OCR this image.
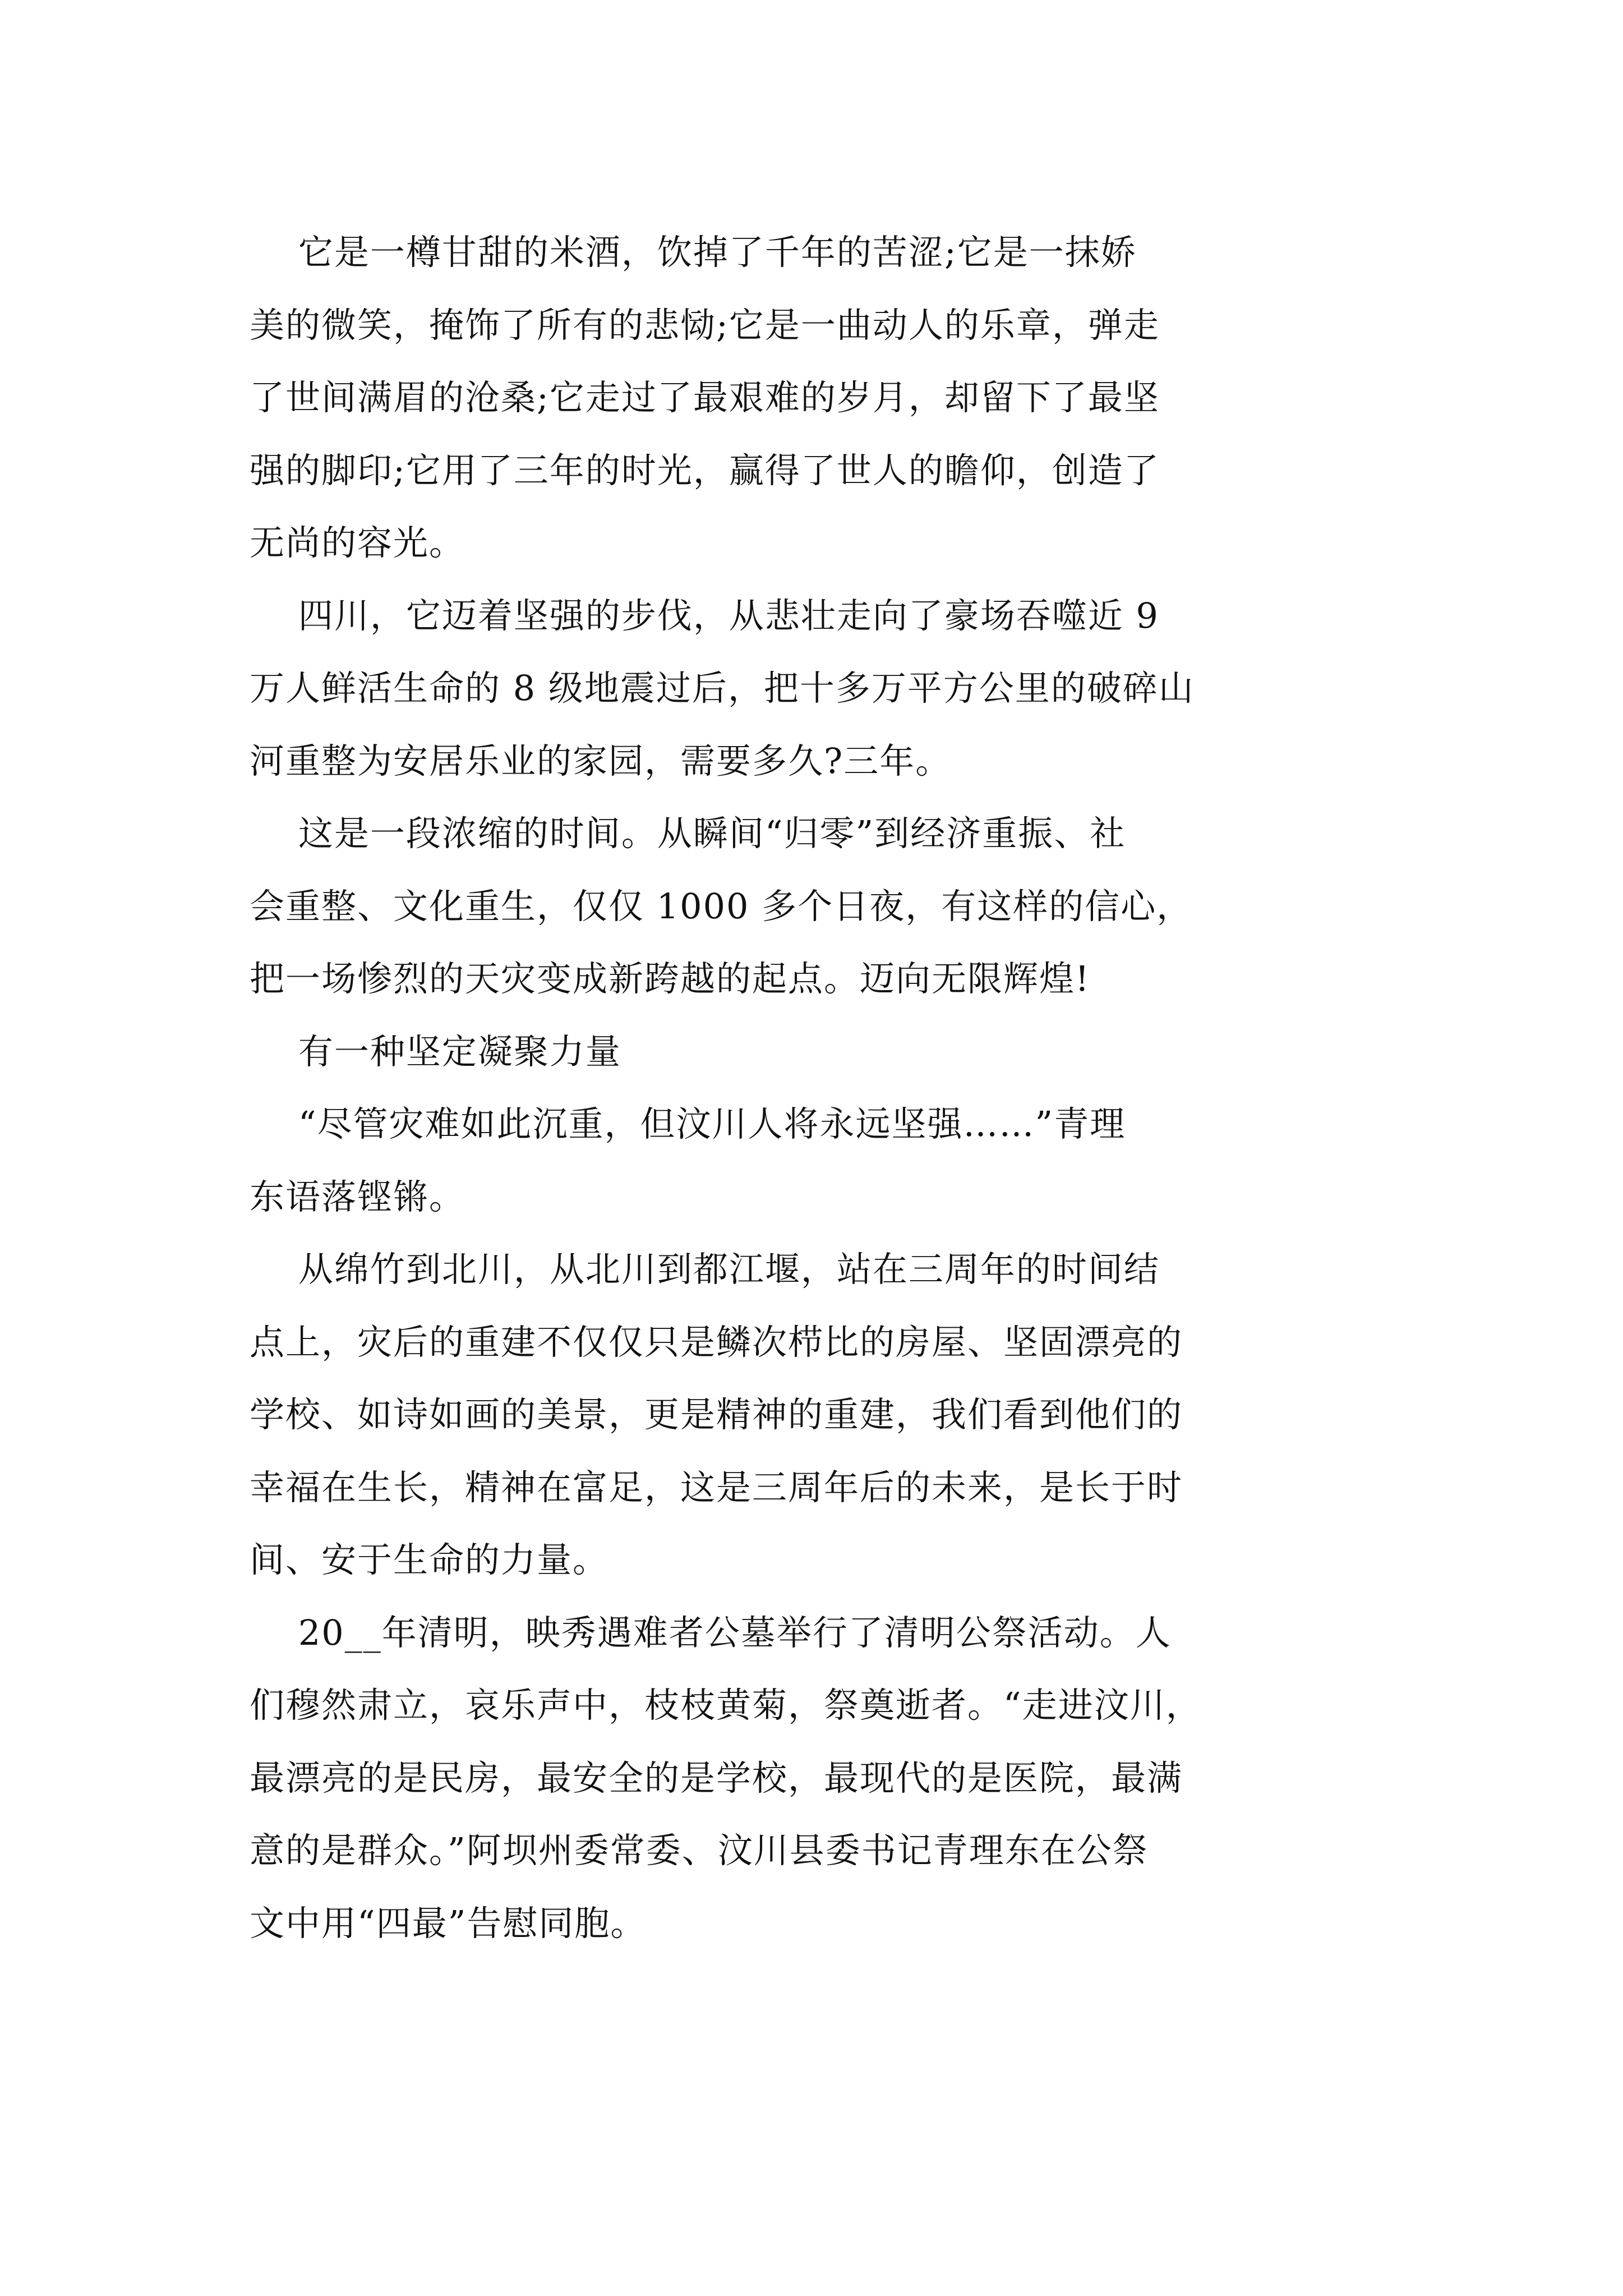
它是一樽甘甜的米酒，饮掉了千年的苦涩;它是一抹娇
美的微笑，掩饰了所有的悲恸;它是一曲动人的乐章，弹走
了世间满眉的沧桑;它走过了最艰难的岁月，却留下了最坚
强的脚印;它用了三年的时光，赢得了世人的瞻仰，创造了
无尚的容光。
四川，它迈着坚强的步伐，从悲壮走向了豪场吞噬近 9
万人鲜活生命的 8 级地震过后，把十多万平方公里的破碎山
河重整为安居乐业的家园，需要多久?三年。
这是一段浓缩的时间。从瞬间“归零”到经济重振、社
会重整、文化重生，仅仅 1000 多个日夜，有这样的信心，
把一场惨烈的天灾变成新跨越的起点。迈向无限辉煌!
有一种坚定凝聚力量
“尽管灾难如此沉重，但汶川人将永远坚强……”青理
东语落铿锵。
从绵竹到北川，从北川到都江堰，站在三周年的时间结
点上，灾后的重建不仅仅只是鳞次栉比的房屋、坚固漂亮的
学校、如诗如画的美景，更是精神的重建，我们看到他们的
幸福在生长，精神在富足，这是三周年后的未来，是长于时
间、安于生命的力量。
20__年清明，映秀遇难者公墓举行了清明公祭活动。人
们穆然肃立，哀乐声中，枝枝黄菊，祭奠逝者。“走进汶川，
最漂亮的是民房，最安全的是学校，最现代的是医院，最满
意的是群众。”阿坝州委常委、汶川县委书记青理东在公祭
文中用“四最”告慰同胞。
